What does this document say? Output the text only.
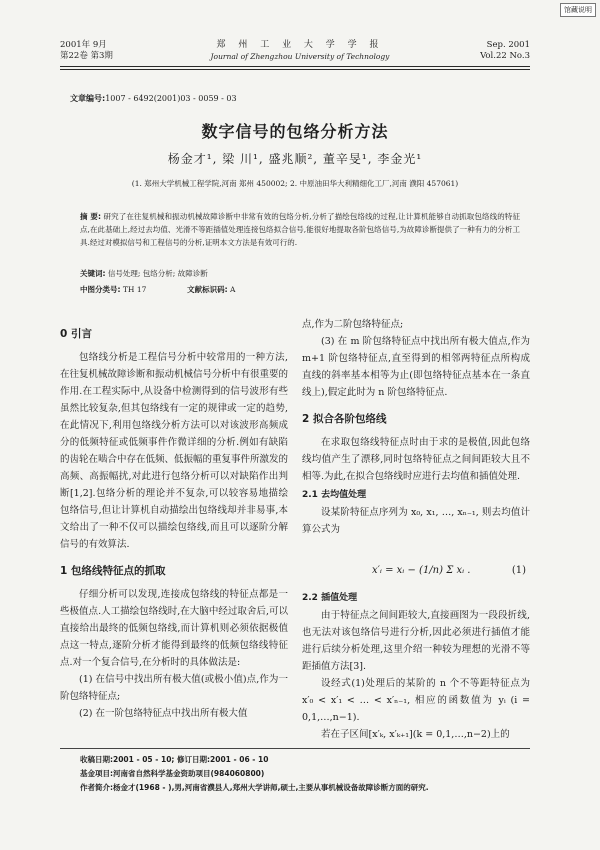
馆藏说明
2001年 9月
第22卷 第3期
郑 州 工 业 大 学 学 报
Journal of Zhengzhou University of Technology
Sep. 2001
Vol.22 No.3
文章编号:1007 - 6492(2001)03 - 0059 - 03
数字信号的包络分析方法
杨金才¹, 梁 川¹, 盛兆顺², 董辛旻¹, 李金光¹
(1. 郑州大学机械工程学院,河南 郑州 450002; 2. 中原油田华大利精细化工厂,河南 濮阳 457061)
摘 要: 研究了在往复机械和振动机械故障诊断中非常有效的包络分析,分析了描绘包络线的过程,让计算机能够自动抓取包络线的特征点,在此基础上,经过去均值、光滑不等距插值处理连接包络拟合信号,能很好地提取各阶包络信号,为故障诊断提供了一种有力的分析工具.经过对模拟信号和工程信号的分析,证明本文方法是有效可行的.
关键词: 信号处理; 包络分析; 故障诊断
中图分类号: TH 17	文献标识码: A
0 引言

包络线分析是工程信号分析中较常用的一种方法,在往复机械故障诊断和振动机械信号分析中有很重要的作用.在工程实际中,从设备中检测得到的信号波形有些虽然比较复杂,但其包络线有一定的规律或一定的趋势,在此情况下,利用包络线分析方法可以对该波形高频成分的低频特征或低频事件作微详细的分析.例如有缺陷的齿轮在啮合中存在低频、低振幅的重复事件所激发的高频、高振幅扰,对此进行包络分析可以对缺陷作出判断[1,2].包络分析的理论并不复杂,可以较容易地描绘包络信号,但让计算机自动描绘出包络线却并非易事,本文给出了一种不仅可以描绘包络线,而且可以逐阶分解信号的有效算法.

1 包络线特征点的抓取

仔细分析可以发现,连接成包络线的特征点都是一些极值点.人工描绘包络线时,在大脑中经过取舍后,可以直接给出最终的低频包络线,而计算机则必须依据极值点这一特点,逐阶分析才能得到最终的低频包络线特征点.对一个复合信号,在分析时的具体做法是:

(1) 在信号中找出所有极大值(或极小值)点,作为一阶包络特征点;

(2) 在一阶包络特征点中找出所有极大值

点,作为二阶包络特征点;

(3) 在 m 阶包络特征点中找出所有极大值点,作为 m+1 阶包络特征点,直至得到的相邻两特征点所构成直线的斜率基本相等为止(即包络特征点基本在一条直线上),假定此时为 n 阶包络特征点.

2 拟合各阶包络线

在求取包络线特征点时由于求的是极值,因此包络线均值产生了漂移,同时包络特征点之间间距较大且不相等.为此,在拟合包络线时应进行去均值和插值处理.

2.1 去均值处理

设某阶特征点序列为 x₀, x₁, …, xₙ₋₁, 则去均值计算公式为

x′ᵢ = xᵢ − (1/n) Σ xᵢ .	(1)
2.2 插值处理

由于特征点之间间距较大,直接画图为一段段折线,也无法对该包络信号进行分析,因此必须进行插值才能进行后续分析处理,这里介绍一种较为理想的光滑不等距插值方法[3].

设经式(1)处理后的某阶的 n 个不等距特征点为 x′₀ < x′₁ < … < x′ₙ₋₁, 相应的函数值为 yᵢ (i = 0,1,…,n−1).

若在子区间[x′ₖ, x′ₖ₊₁](k = 0,1,…,n−2)上的

收稿日期:2001 - 05 - 10; 修订日期:2001 - 06 - 10
基金项目:河南省自然科学基金资助项目(984060800)
作者简介:杨金才(1968 - ),男,河南省濮县人,郑州大学讲师,硕士,主要从事机械设备故障诊断方面的研究.
